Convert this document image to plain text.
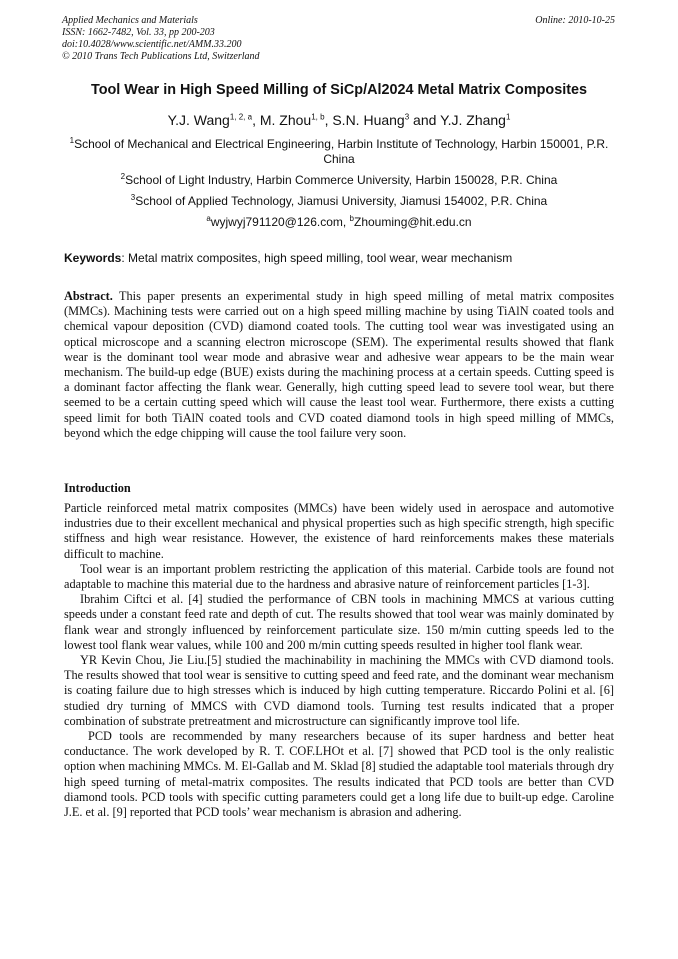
Applied Mechanics and Materials
ISSN: 1662-7482, Vol. 33, pp 200-203
doi:10.4028/www.scientific.net/AMM.33.200
© 2010 Trans Tech Publications Ltd, Switzerland
Online: 2010-10-25
Tool Wear in High Speed Milling of SiCp/Al2024 Metal Matrix Composites
Y.J. Wang$^{1, 2, a}$, M. Zhou$^{1, b}$, S.N. Huang$^3$ and Y.J. Zhang$^1$
$^1$School of Mechanical and Electrical Engineering, Harbin Institute of Technology, Harbin 150001, P.R. China
$^2$School of Light Industry, Harbin Commerce University, Harbin 150028, P.R. China
$^3$School of Applied Technology, Jiamusi University, Jiamusi 154002, P.R. China
$^a$wyjwyj791120@126.com, $^b$Zhouming@hit.edu.cn
Keywords: Metal matrix composites, high speed milling, tool wear, wear mechanism

Abstract. This paper presents an experimental study in high speed milling of metal matrix composites (MMCs). Machining tests were carried out on a high speed milling machine by using TiAlN coated tools and chemical vapour deposition (CVD) diamond coated tools. The cutting tool wear was investigated using an optical microscope and a scanning electron microscope (SEM). The experimental results showed that flank wear is the dominant tool wear mode and abrasive wear and adhesive wear appears to be the main wear mechanism. The build-up edge (BUE) exists during the machining process at a certain speeds. Cutting speed is a dominant factor affecting the flank wear. Generally, high cutting speed lead to severe tool wear, but there seemed to be a certain cutting speed which will cause the least tool wear. Furthermore, there exists a cutting speed limit for both TiAlN coated tools and CVD coated diamond tools in high speed milling of MMCs, beyond which the edge chipping will cause the tool failure very soon.

Introduction

Particle reinforced metal matrix composites (MMCs) have been widely used in aerospace and automotive industries due to their excellent mechanical and physical properties such as high specific strength, high specific stiffness and high wear resistance. However, the existence of hard reinforcements makes these materials difficult to machine.

Tool wear is an important problem restricting the application of this material. Carbide tools are found not adaptable to machine this material due to the hardness and abrasive nature of reinforcement particles [1-3].

Ibrahim Ciftci et al. [4] studied the performance of CBN tools in machining MMCS at various cutting speeds under a constant feed rate and depth of cut. The results showed that tool wear was mainly dominated by flank wear and strongly influenced by reinforcement particulate size. 150 m/min cutting speeds led to the lowest tool flank wear values, while 100 and 200 m/min cutting speeds resulted in higher tool flank wear.

YR Kevin Chou, Jie Liu.[5] studied the machinability in machining the MMCs with CVD diamond tools. The results showed that tool wear is sensitive to cutting speed and feed rate, and the dominant wear mechanism is coating failure due to high stresses which is induced by high cutting temperature. Riccardo Polini et al. [6] studied dry turning of MMCS with CVD diamond tools. Turning test results indicated that a proper combination of substrate pretreatment and microstructure can significantly improve tool life.

PCD tools are recommended by many researchers because of its super hardness and better heat conductance. The work developed by R. T. COF.LHOt et al. [7] showed that PCD tool is the only realistic option when machining MMCs. M. El-Gallab and M. Sklad [8] studied the adaptable tool materials through dry high speed turning of metal-matrix composites. The results indicated that PCD tools are better than CVD diamond tools. PCD tools with specific cutting parameters could get a long life due to built-up edge. Caroline J.E. et al. [9] reported that PCD tools’ wear mechanism is abrasion and adhering.
